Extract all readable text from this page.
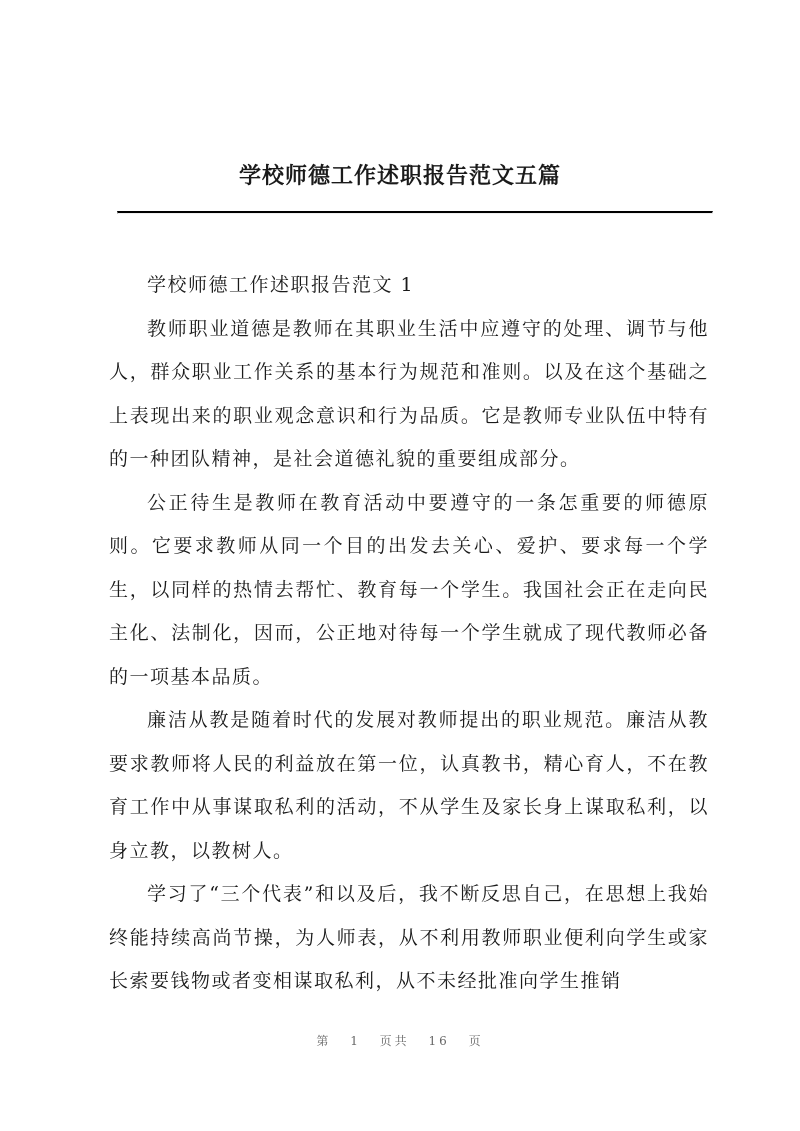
学校师德工作述职报告范文五篇

学校师德工作述职报告范文 1

教师职业道德是教师在其职业生活中应遵守的处理、调节与他人，群众职业工作关系的基本行为规范和准则。以及在这个基础之上表现出来的职业观念意识和行为品质。它是教师专业队伍中特有的一种团队精神，是社会道德礼貌的重要组成部分。

公正待生是教师在教育活动中要遵守的一条怎重要的师德原则。它要求教师从同一个目的出发去关心、爱护、要求每一个学生，以同样的热情去帮忙、教育每一个学生。我国社会正在走向民主化、法制化，因而，公正地对待每一个学生就成了现代教师必备的一项基本品质。

廉洁从教是随着时代的发展对教师提出的职业规范。廉洁从教要求教师将人民的利益放在第一位，认真教书，精心育人，不在教育工作中从事谋取私利的活动，不从学生及家长身上谋取私利，以身立教，以教树人。

学习了“三个代表”和以及后，我不断反思自己，在思想上我始终能持续高尚节操，为人师表，从不利用教师职业便利向学生或家长索要钱物或者变相谋取私利，从不未经批准向学生推销

第 1 页共 16 页
